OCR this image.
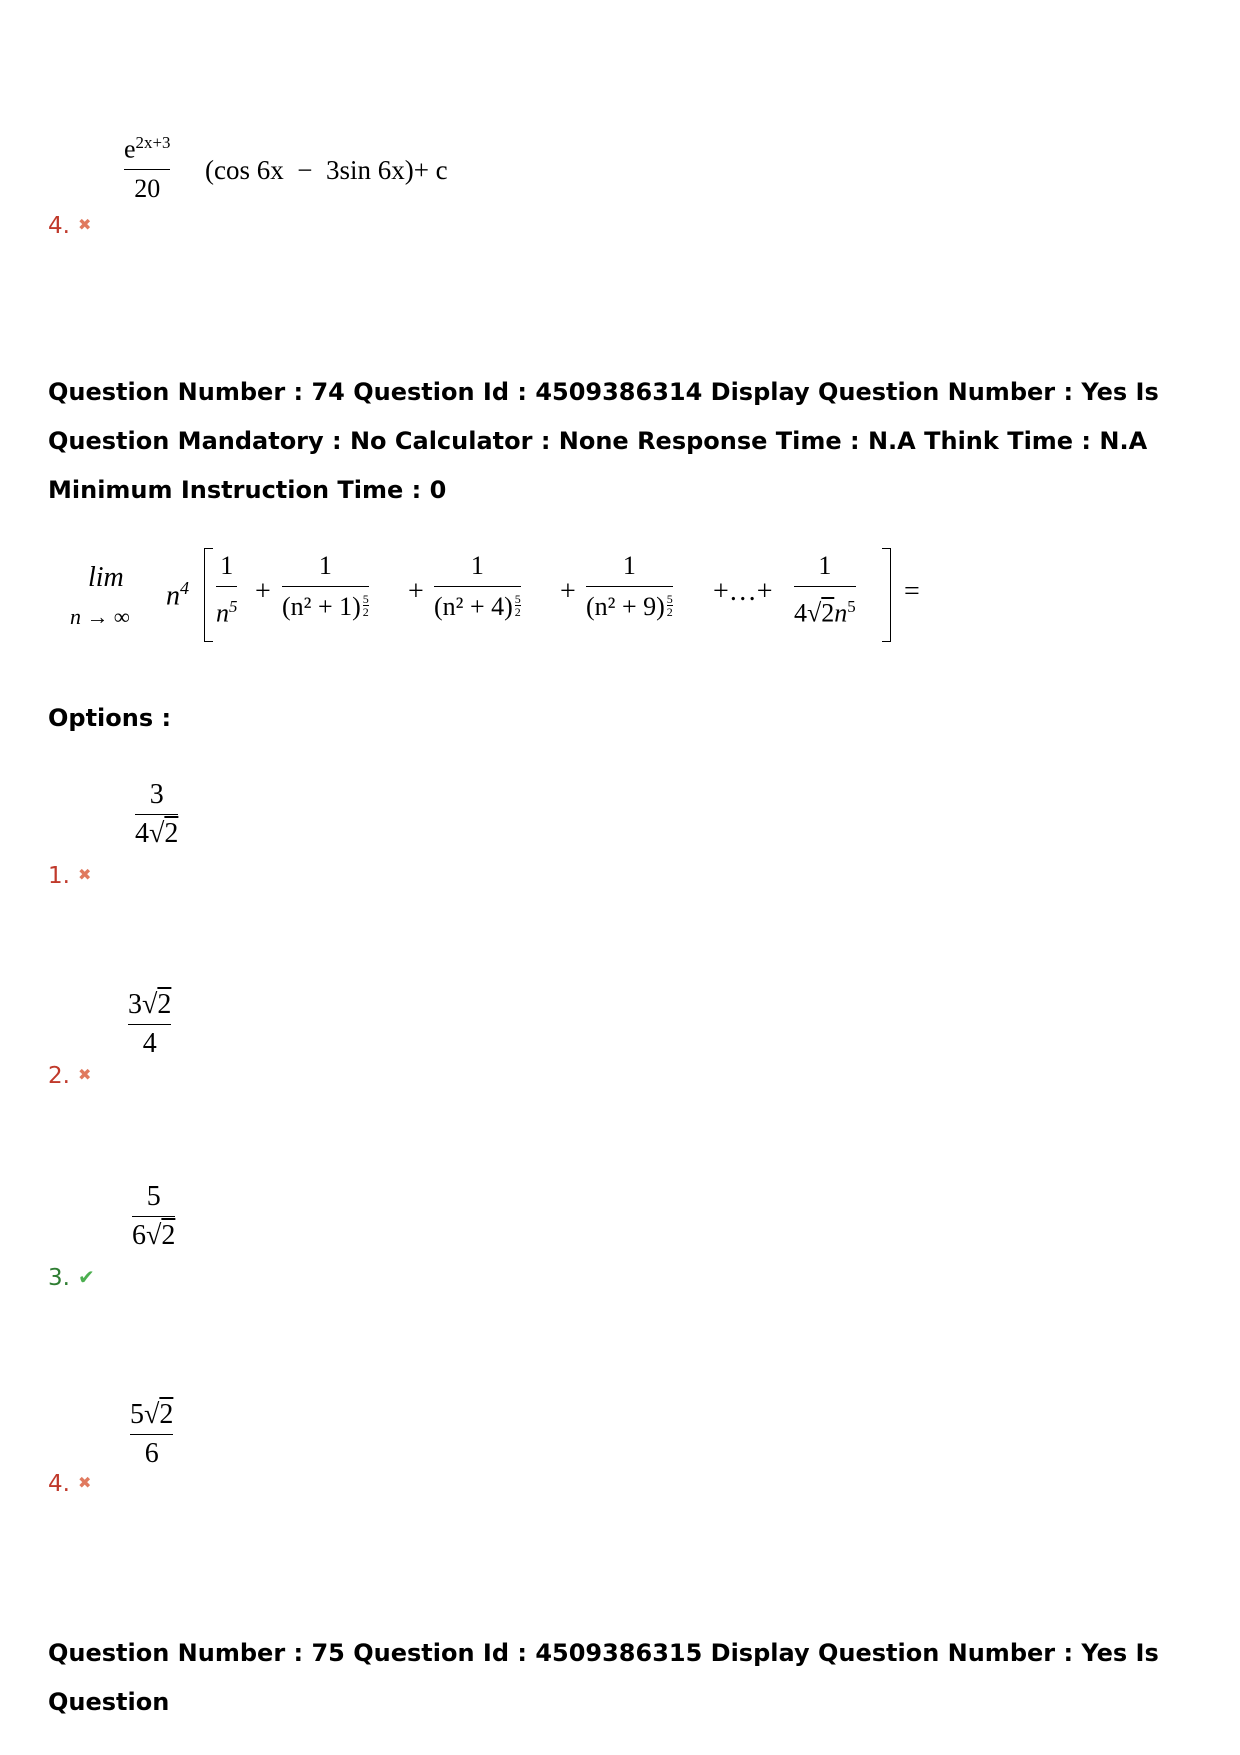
$e^{2x+3}$
20
(cos 6x  −  3sin 6x)+ c
4. ✖
Question Number : 74 Question Id : 4509386314 Display Question Number : Yes Is Question Mandatory : No Calculator : None Response Time : N.A Think Time : N.A Minimum Instruction Time : 0
lim
n → ∞
$n^4$
1
$n^5$ +
1
$(n^2 + 1) \frac{5}{2}$ +
1
$(n^2 + 4) \frac{5}{2}$ +
1
$(n^2 + 9) \frac{5}{2}$ +…+
1
$4√2n^5$ =
Options :
3
4√2
1. ✖
3√2
4
2. ✖
5
6√2
3. ✔
5√2
6
4. ✖
Question Number : 75 Question Id : 4509386315 Display Question Number : Yes Is Question
